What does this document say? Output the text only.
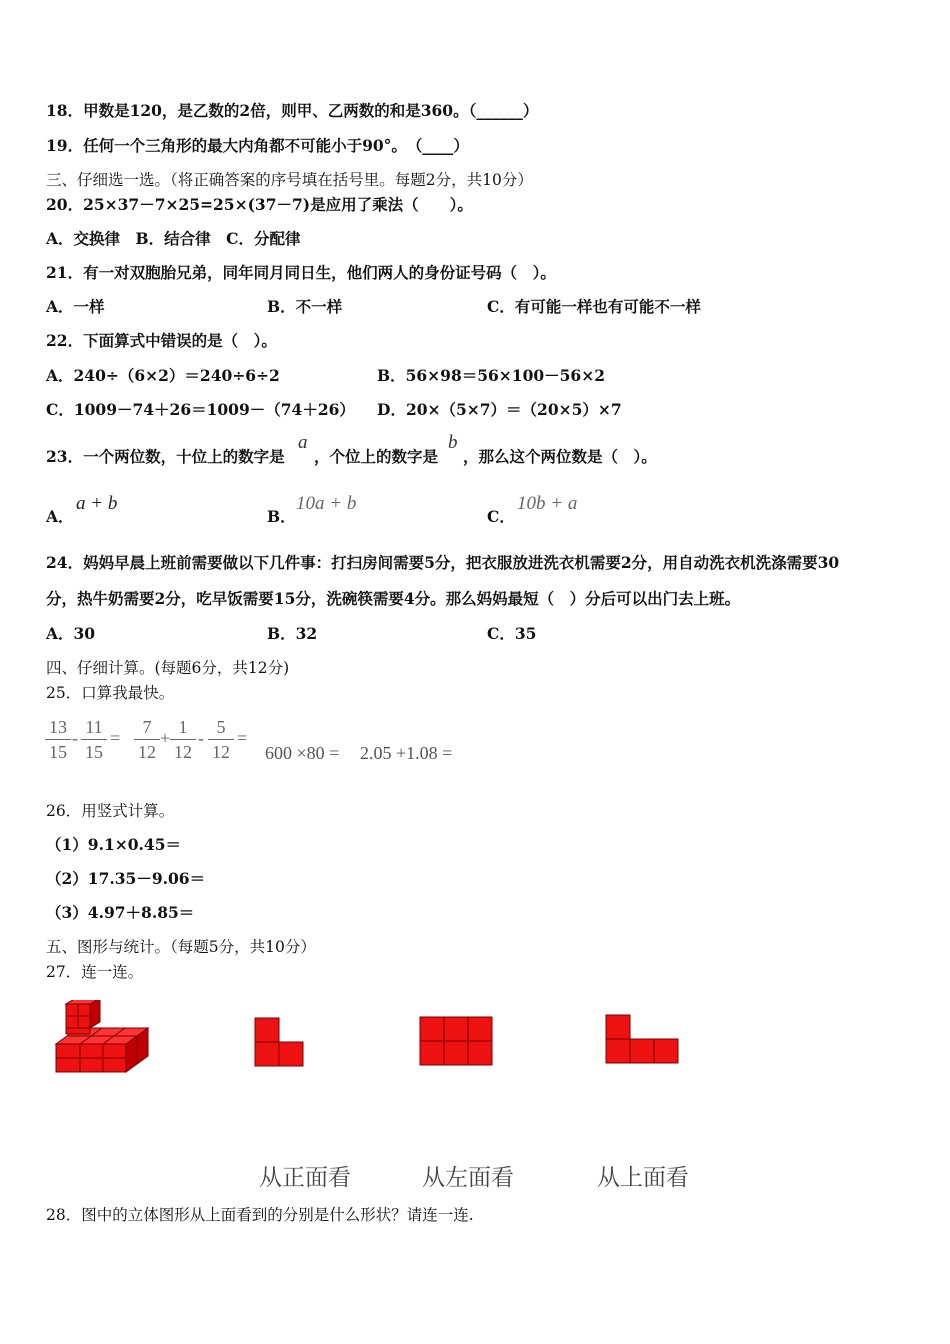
18．甲数是120，是乙数的2倍，则甲、乙两数的和是360。（______）
19．任何一个三角形的最大内角都不可能小于90°。　（____）
三、仔细选一选。（将正确答案的序号填在括号里。每题2分，共10分）
20．25×37－7×25=25×(37－7)是应用了乘法（　　）。
A．交换律　B．结合律　C．分配律
21．有一对双胞胎兄弟，同年同月同日生，他们两人的身份证号码（　）。
A．一样	B．不一样	C．有可能一样也有可能不一样
22．下面算式中错误的是（　）。
A．240÷（6×2）＝240÷6÷2	B．56×98＝56×100－56×2
C．1009－74＋26＝1009－（74＋26） D．20×（5×7）＝（20×5）×7
23．一个两位数，十位上的数字是
a
，个位上的数字是
b
，那么这个两位数是（　）。
A．
a + b
B．
10a + b
C．
10b + a
24．妈妈早晨上班前需要做以下几件事：打扫房间需要5分，把衣服放进洗衣机需要2分，用自动洗衣机洗涤需要30
分，热牛奶需要2分，吃早饭需要15分，洗碗筷需要4分。那么妈妈最短（　）分后可以出门去上班。
A．30	B．32	C．35
四、仔细计算。(每题6分，共12分)
25．口算我最快。
13
15
-
11
15
=
7
12
+
1
12
-
5
12
=
600 ×80 = 2.05 +1.08 =
26．用竖式计算。
（1）9.1×0.45＝
（2）17.35－9.06＝
（3）4.97＋8.85＝
五、图形与统计。（每题5分，共10分）
27．连一连。
从正面看	从左面看	从上面看
28．图中的立体图形从上面看到的分别是什么形状？请连一连.
